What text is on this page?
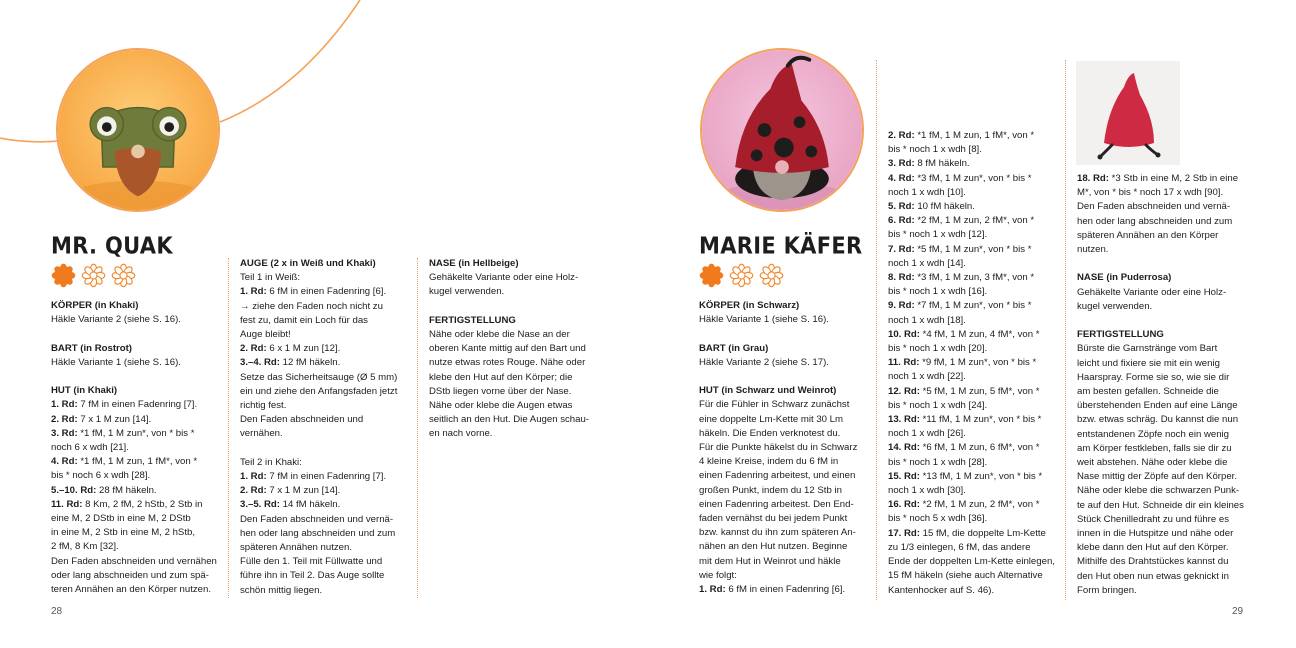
MR. QUAK

KÖRPER (in Khaki)

Häkle Variante 2 (siehe S. 16).

BART (in Rostrot)

Häkle Variante 1 (siehe S. 16).

HUT (in Khaki)

1. Rd: 7 fM in einen Fadenring [7].

2. Rd: 7 x 1 M zun [14].

3. Rd: *1 fM, 1 M zun*, von * bis *

noch 6 x wdh [21].

4. Rd: *1 fM, 1 M zun, 1 fM*, von *

bis * noch 6 x wdh [28].

5.–10. Rd: 28 fM häkeln.

11. Rd: 8 Km, 2 fM, 2 hStb, 2 Stb in

eine M, 2 DStb in eine M, 2 DStb

in eine M, 2 Stb in eine M, 2 hStb,

2 fM, 8 Km [32].

Den Faden abschneiden und vernähen

oder lang abschneiden und zum spä-

teren Annähen an den Körper nutzen.

AUGE (2 x in Weiß und Khaki)

Teil 1 in Weiß:

1. Rd: 6 fM in einen Fadenring [6].

→ ziehe den Faden noch nicht zu

fest zu, damit ein Loch für das

Auge bleibt!

2. Rd: 6 x 1 M zun [12].

3.–4. Rd: 12 fM häkeln.

Setze das Sicherheitsauge (Ø 5 mm)

ein und ziehe den Anfangsfaden jetzt

richtig fest.

Den Faden abschneiden und

vernähen.

Teil 2 in Khaki:

1. Rd: 7 fM in einen Fadenring [7].

2. Rd: 7 x 1 M zun [14].

3.–5. Rd: 14 fM häkeln.

Den Faden abschneiden und vernä-

hen oder lang abschneiden und zum

späteren Annähen nutzen.

Fülle den 1. Teil mit Füllwatte und

führe ihn in Teil 2. Das Auge sollte

schön mittig liegen.

NASE (in Hellbeige)

Gehäkelte Variante oder eine Holz-

kugel verwenden.

FERTIGSTELLUNG

Nähe oder klebe die Nase an der

oberen Kante mittig auf den Bart und

nutze etwas rotes Rouge. Nähe oder

klebe den Hut auf den Körper; die

DStb liegen vorne über der Nase.

Nähe oder klebe die Augen etwas

seitlich an den Hut. Die Augen schau-

en nach vorne.

28
MARIE KÄFER

KÖRPER (in Schwarz)

Häkle Variante 1 (siehe S. 16).

BART (in Grau)

Häkle Variante 2 (siehe S. 17).

HUT (in Schwarz und Weinrot)

Für die Fühler in Schwarz zunächst

eine doppelte Lm-Kette mit 30 Lm

häkeln. Die Enden verknotest du.

Für die Punkte häkelst du in Schwarz

4 kleine Kreise, indem du 6 fM in

einen Fadenring arbeitest, und einen

großen Punkt, indem du 12 Stb in

einen Fadenring arbeitest. Den End-

faden vernähst du bei jedem Punkt

bzw. kannst du ihn zum späteren An-

nähen an den Hut nutzen. Beginne

mit dem Hut in Weinrot und häkle

wie folgt:

1. Rd: 6 fM in einen Fadenring [6].

2. Rd: *1 fM, 1 M zun, 1 fM*, von *

bis * noch 1 x wdh [8].

3. Rd: 8 fM häkeln.

4. Rd: *3 fM, 1 M zun*, von * bis *

noch 1 x wdh [10].

5. Rd: 10 fM häkeln.

6. Rd: *2 fM, 1 M zun, 2 fM*, von *

bis * noch 1 x wdh [12].

7. Rd: *5 fM, 1 M zun*, von * bis *

noch 1 x wdh [14].

8. Rd: *3 fM, 1 M zun, 3 fM*, von *

bis * noch 1 x wdh [16].

9. Rd: *7 fM, 1 M zun*, von * bis *

noch 1 x wdh [18].

10. Rd: *4 fM, 1 M zun, 4 fM*, von *

bis * noch 1 x wdh [20].

11. Rd: *9 fM, 1 M zun*, von * bis *

noch 1 x wdh [22].

12. Rd: *5 fM, 1 M zun, 5 fM*, von *

bis * noch 1 x wdh [24].

13. Rd: *11 fM, 1 M zun*, von * bis *

noch 1 x wdh [26].

14. Rd: *6 fM, 1 M zun, 6 fM*, von *

bis * noch 1 x wdh [28].

15. Rd: *13 fM, 1 M zun*, von * bis *

noch 1 x wdh [30].

16. Rd: *2 fM, 1 M zun, 2 fM*, von *

bis * noch 5 x wdh [36].

17. Rd: 15 fM, die doppelte Lm-Kette

zu 1/3 einlegen, 6 fM, das andere

Ende der doppelten Lm-Kette einlegen,

15 fM häkeln (siehe auch Alternative

Kantenhocker auf S. 46).

18. Rd: *3 Stb in eine M, 2 Stb in eine

M*, von * bis * noch 17 x wdh [90].

Den Faden abschneiden und vernä-

hen oder lang abschneiden und zum

späteren Annähen an den Körper

nutzen.

NASE (in Puderrosa)

Gehäkelte Variante oder eine Holz-

kugel verwenden.

FERTIGSTELLUNG

Bürste die Garnstränge vom Bart

leicht und fixiere sie mit ein wenig

Haarspray. Forme sie so, wie sie dir

am besten gefallen. Schneide die

überstehenden Enden auf eine Länge

bzw. etwas schräg. Du kannst die nun

entstandenen Zöpfe noch ein wenig

am Körper festkleben, falls sie dir zu

weit abstehen. Nähe oder klebe die

Nase mittig der Zöpfe auf den Körper.

Nähe oder klebe die schwarzen Punk-

te auf den Hut. Schneide dir ein kleines

Stück Chenilledraht zu und führe es

innen in die Hutspitze und nähe oder

klebe dann den Hut auf den Körper.

Mithilfe des Drahtstückes kannst du

den Hut oben nun etwas geknickt in

Form bringen.

29
